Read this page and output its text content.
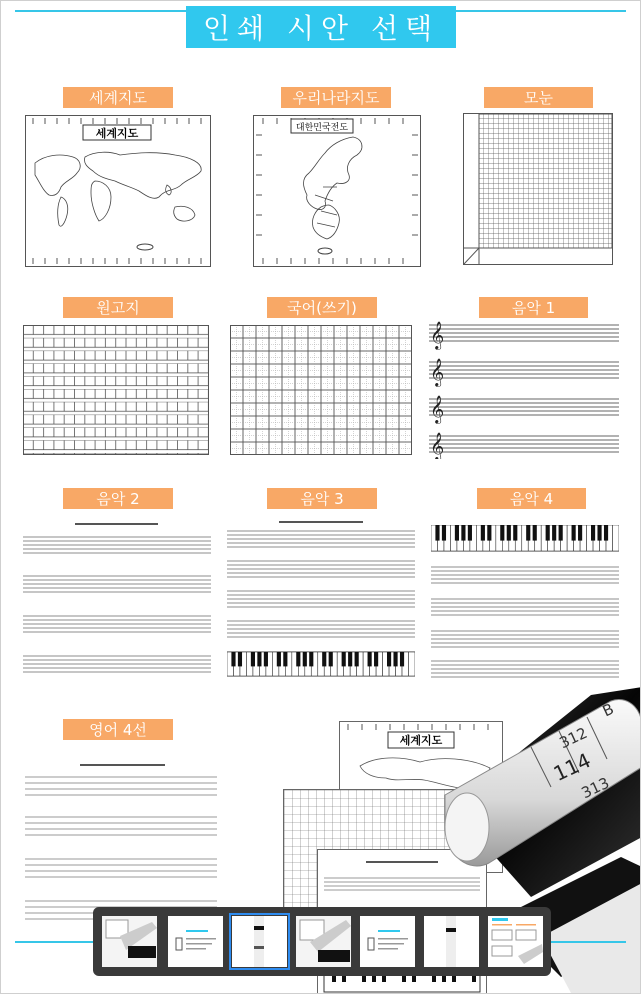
인쇄 시안 선택
세계지도	우리나라지도	모눈
세계지도	대한민국전도
원고지	국어(쓰기)	음악 1
𝄞
𝄞
𝄞
𝄞
음악 2	음악 3	음악 4
영어 4선
세계지도	312
313
B
114
